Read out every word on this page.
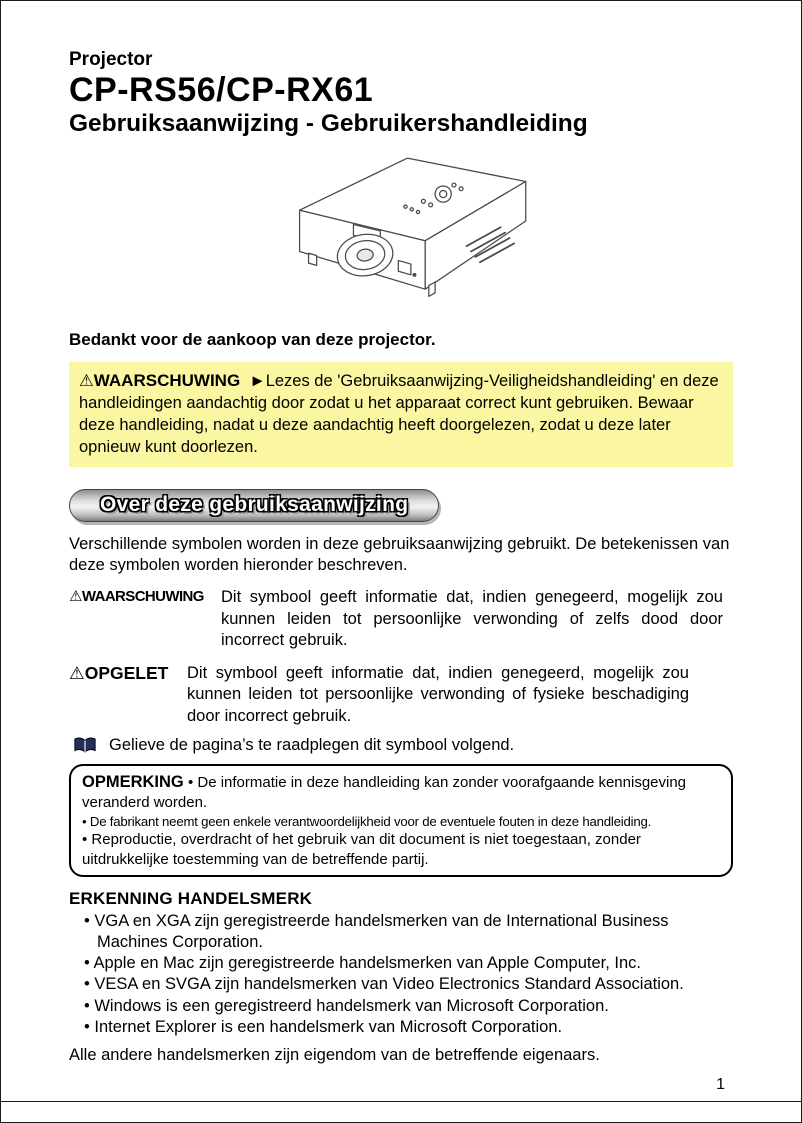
Projector
CP-RS56/CP-RX61
Gebruiksaanwijzing - Gebruikershandleiding

Bedankt voor de aankoop van deze projector.

⚠WAARSCHUWING ►Lezes de 'Gebruiksaanwijzing-Veiligheidshandleiding' en deze handleidingen aandachtig door zodat u het apparaat correct kunt gebruiken. Bewaar deze handleiding, nadat u deze aandachtig heeft doorgelezen, zodat u deze later opnieuw kunt doorlezen.

Over deze gebruiksaanwijzing

Verschillende symbolen worden in deze gebruiksaanwijzing gebruikt. De betekenissen van deze symbolen worden hieronder beschreven.

⚠WAARSCHUWING	Dit symbool geeft informatie dat, indien genegeerd, mogelijk zou kunnen leiden tot persoonlijke verwonding of zelfs dood door incorrect gebruik.
⚠OPGELET	Dit symbool geeft informatie dat, indien genegeerd, mogelijk zou kunnen leiden tot persoonlijke verwonding of fysieke beschadiging door incorrect gebruik.
Gelieve de pagina’s te raadplegen dit symbool volgend.

OPMERKING • De informatie in deze handleiding kan zonder voorafgaande kennisgeving veranderd worden.

• De fabrikant neemt geen enkele verantwoordelijkheid voor de eventuele fouten in deze handleiding.

• Reproductie, overdracht of het gebruik van dit document is niet toegestaan, zonder uitdrukkelijke toestemming van de betreffende partij.

ERKENNING HANDELSMERK
• VGA en XGA zijn geregistreerde handelsmerken van de International Business Machines Corporation.
• Apple en Mac zijn geregistreerde handelsmerken van Apple Computer, Inc.
• VESA en SVGA zijn handelsmerken van Video Electronics Standard Association.
• Windows is een geregistreerd handelsmerk van Microsoft Corporation.
• Internet Explorer is een handelsmerk van Microsoft Corporation.

Alle andere handelsmerken zijn eigendom van de betreffende eigenaars.

1
